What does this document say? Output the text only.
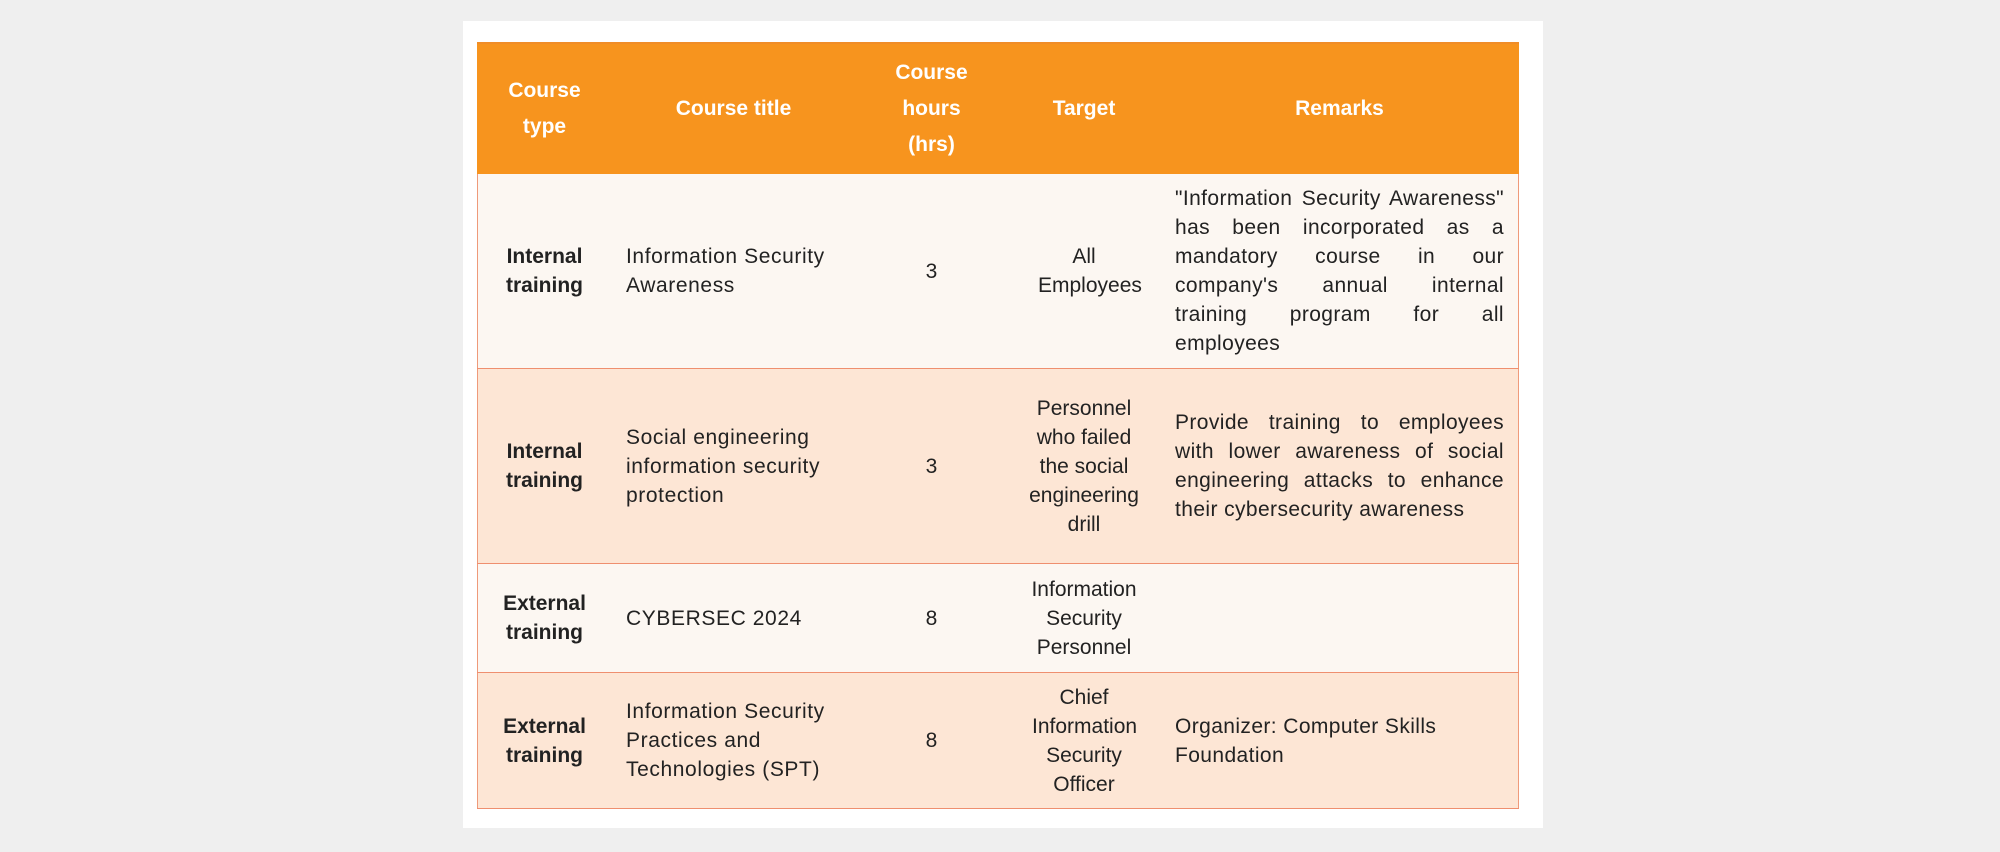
Course type	Course title	Course hours (hrs)	Target	Remarks
Internal training	Information Security Awareness	3	All Employees	"Information Security Awareness" has been incorporated as a mandatory course in our company's annual internal training program for all employees
Internal training	Social engineering information security protection	3	Personnel who failed the social engineering drill	Provide training to employees with lower awareness of social engineering attacks to enhance their cybersecurity awareness
External training	CYBERSEC 2024	8	Information Security Personnel	
External training	Information Security Practices and Technologies (SPT)	8	Chief Information Security Officer	Organizer: Computer Skills Foundation
